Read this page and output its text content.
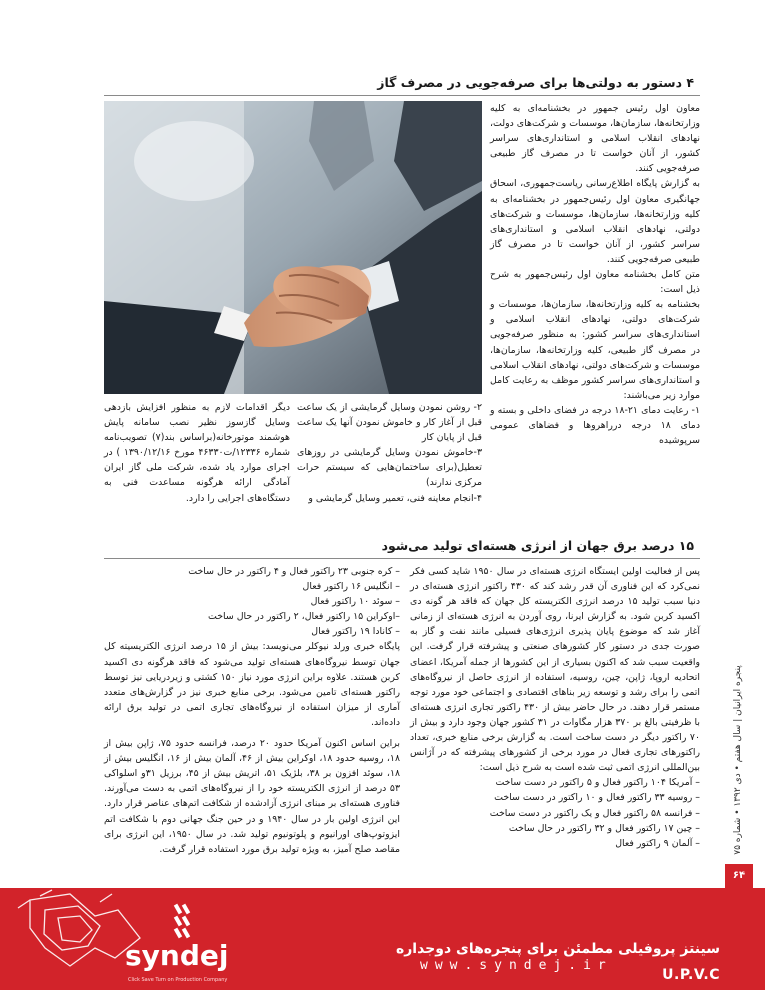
۴ دستور به دولتی‌ها برای صرفه‌جویی در مصرف گاز

معاون اول رئیس جمهور در بخشنامه‌ای به کلیه وزارتخانه‌ها، سازمان‌ها، موسسات و شرکت‌های دولت، نهادهای انقلاب اسلامی و استانداری‌های سراسر کشور، از آنان خواست تا در مصرف گاز طبیعی صرفه‌جویی کنند.

به گزارش پایگاه اطلاع‌رسانی ریاست‌جمهوری، اسحاق جهانگیری معاون اول رئیس‌جمهور در بخشنامه‌ای به کلیه وزارتخانه‌ها، سازمان‌ها، موسسات و شرکت‌های دولتی، نهادهای انقلاب اسلامی و استانداری‌های سراسر کشور، از آنان خواست تا در مصرف گاز طبیعی صرفه‌جویی کنند.

متن کامل بخشنامه معاون اول رئیس‌جمهور به شرح ذیل است:

بخشنامه به کلیه وزارتخانه‌ها، سازمان‌ها، موسسات و شرکت‌های دولتی، نهادهای انقلاب اسلامی و استانداری‌های سراسر کشور: به منظور صرفه‌جویی در مصرف گاز طبیعی، کلیه وزارتخانه‌ها، سازمان‌ها، موسسات و شرکت‌های دولتی، نهادهای انقلاب اسلامی و استانداری‌های سراسر کشور موظف به رعایت کامل موارد زیر می‌باشند:

۱- رعایت دمای ۲۱-۱۸ درجه در فضای داخلی و بسته و دمای ۱۸ درجه درراهروها و فضاهای عمومی سرپوشیده

۲- روشن نمودن وسایل گرمایشی از یک ساعت قبل از آغاز کار و خاموش نمودن آنها یک ساعت قبل از پایان کار

۳-خاموش نمودن وسایل گرمایشی در روزهای تعطیل(برای ساختمان‌هایی که سیستم حرات مرکزی ندارند)

۴-انجام معاینه فنی، تعمیر وسایل گرمایشی و

دیگر اقدامات لازم به منظور افزایش بازدهی وسایل گازسوز نظیر نصب سامانه پایش هوشمند موتورخانه(براساس بند(۷) تصویب‌نامه شماره ۱۲۳۳۶/ت۴۶۳۳۰ مورخ ۱۳۹۰/۱۲/۱۶ ) در اجرای موارد یاد شده، شرکت ملی گاز ایران آمادگی ارائه هرگونه مساعدت فنی به دستگاه‌های اجرایی را دارد.

۱۵ درصد برق جهان از انرژی هسته‌ای تولید می‌شود

پس از فعالیت اولین ایستگاه انرژی هسته‌ای در سال ۱۹۵۰ شاید کسی فکر نمی‌کرد که این فناوری آن قدر رشد کند که ۴۳۰ راکتور انرژی هسته‌ای در دنیا سبب تولید ۱۵ درصد انرژی الکتریسته کل جهان که فاقد هر گونه دی اکسید کربن شود. به گزارش ایرنا، روی آوردن به انرژی هسته‌ای از زمانی آغاز شد که موضوع پایان پذیری انرژی‌های فسیلی مانند نفت و گاز به صورت جدی در دستور کار کشورهای صنعتی و پیشرفته قرار گرفت. این واقعیت سبب شد که اکنون بسیاری از این کشورها از جمله آمریکا، اعضای اتحادیه اروپا، ژاپن، چین، روسیه، استفاده از انرژی حاصل از نیروگاه‌های اتمی را برای رشد و توسعه زیر بناهای اقتصادی و اجتماعی خود مورد توجه مستمر قرار دهند. در حال حاضر بیش از ۴۳۰ راکتور تجاری انرژی هسته‌ای با ظرفیتی بالغ بر ۳۷۰ هزار مگاوات در ۳۱ کشور جهان وجود دارد و بیش از ۷۰ راکتور دیگر در دست ساخت است. به گزارش برخی منابع خبری، تعداد راکتورهای تجاری فعال در مورد برخی از کشورهای پیشرفته که در آژانس بین‌المللی انرژی اتمی ثبت شده است به شرح ذیل است:

– آمریکا ۱۰۴ راکتور فعال و ۵ راکتور در دست ساخت

– روسیه ۳۳ راکتور فعال و ۱۰ راکتور در دست ساخت

– فرانسه ۵۸ راکتور فعال و یک راکتور در دست ساخت

– چین ۱۷ راکتور فعال و ۳۲ راکتور در حال ساخت

– آلمان ۹ راکتور فعال

– کره جنوبی ۲۳ راکتور فعال و ۴ راکتور در حال ساخت

– انگلیس ۱۶ راکتور فعال

– سوئد ۱۰ راکتور فعال

–اوکراین ۱۵ راکتور فعال، ۲ راکتور در حال ساخت

– کانادا ۱۹ راکتور فعال

پایگاه خبری ورلد نیوکلر می‌نویسد: بیش از ۱۵ درصد انرژی الکتریسیته کل جهان توسط نیروگاه‌های هسته‌ای تولید می‌شود که فاقد هرگونه دی اکسید کربن هستند. علاوه براین انرژی مورد نیاز ۱۵۰ کشتی و زیردریایی نیز توسط راکتور هسته‌ای تامین می‌شود. برخی منابع خبری نیز در گزارش‌های متعدد آماری از میزان استفاده از نیروگاه‌های تجاری اتمی در تولید برق ارائه داده‌اند.

براین اساس اکنون آمریکا حدود ۲۰ درصد، فرانسه حدود ۷۵، ژاپن بیش از ۱۸، روسیه حدود ۱۸، اوکراین بیش از ۴۶، آلمان بیش از ۱۶، انگلیس بیش از ۱۸، سوئد افزون بر ۳۸، بلژیک ۵۱، اتریش بیش از ۴۵، برزیل ۳۱و اسلواکی ۵۳ درصد از انرژی الکتریسته خود را از نیروگاه‌های اتمی به دست می‌آورند. فناوری هسته‌ای بر مبنای انرژی آزادشده از شکافت اتم‌های عناصر قرار دارد. این انرژی اولین بار در سال ۱۹۴۰ و در حین جنگ جهانی دوم با شکافت اتم ایزوتوپ‌های اورانیوم و پلوتونیوم تولید شد. در سال ۱۹۵۰، این انرژی برای مقاصد صلح آمیز، به ویژه تولید برق مورد استفاده قرار گرفت.	پنجره ایرانیان | سال هفتم • دی ۱۳۹۲ • شماره ۷۵
۶۴
سینتز پروفیلی مطمئن برای پنجره‌های دوجداره U.P.V.C
www.syndej.ir
syndej
Click Save Turn on Production Company
